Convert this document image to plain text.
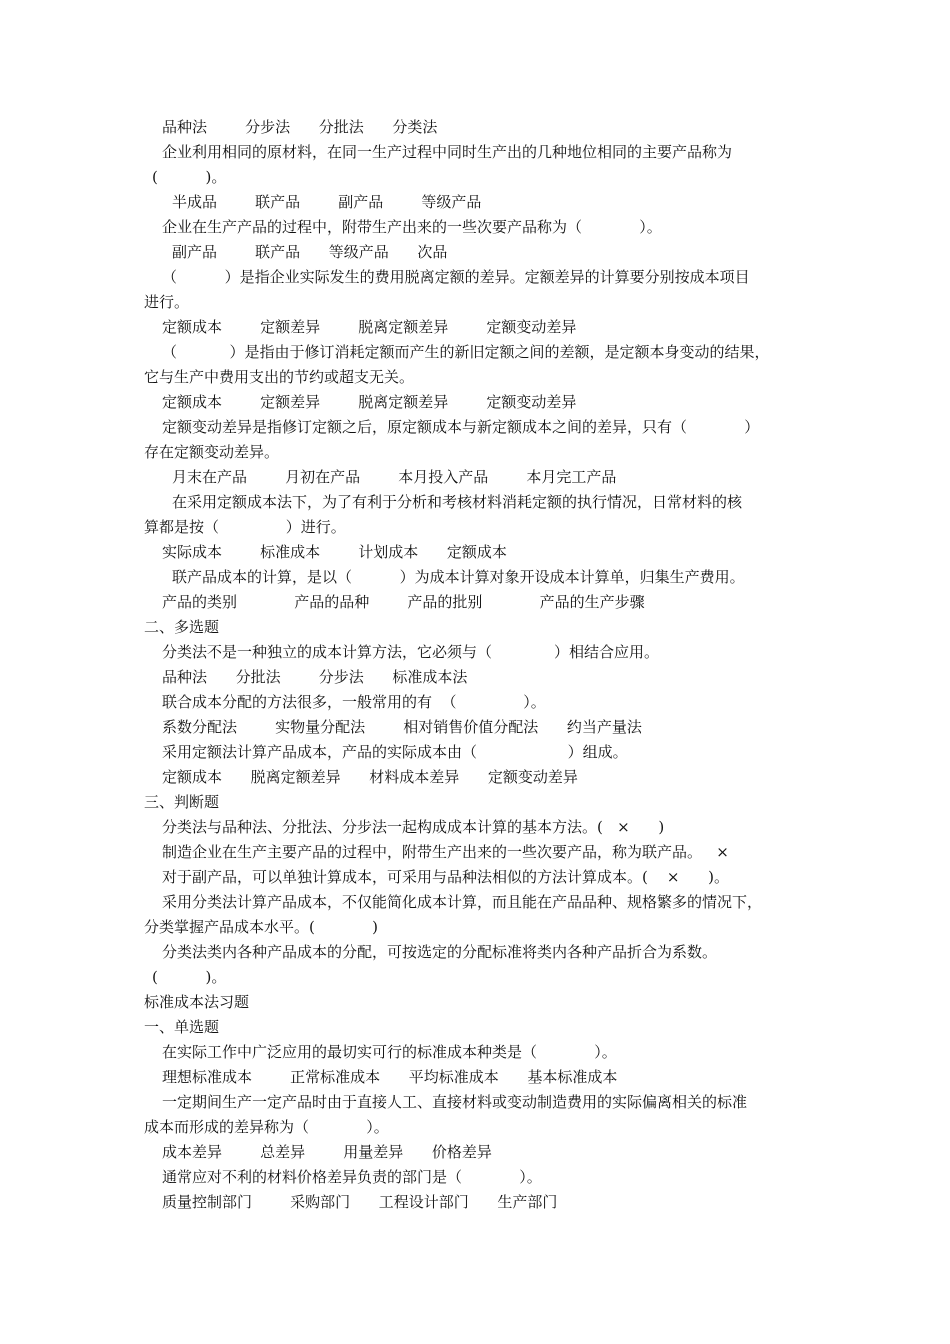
品种法        分步法      分批法      分类法
企业利用相同的原材料，在同一生产过程中同时生产出的几种地位相同的主要产品称为
(          )。
半成品        联产品        副产品        等级产品
企业在生产产品的过程中，附带生产出来的一些次要产品称为（            ）。
副产品        联产品      等级产品      次品
（          ）是指企业实际发生的费用脱离定额的差异。定额差异的计算要分别按成本项目
进行。
定额成本        定额差异        脱离定额差异        定额变动差异
（           ）是指由于修订消耗定额而产生的新旧定额之间的差额，是定额本身变动的结果，
它与生产中费用支出的节约或超支无关。
定额成本        定额差异        脱离定额差异        定额变动差异
定额变动差异是指修订定额之后，原定额成本与新定额成本之间的差异，只有（            ）
存在定额变动差异。
月末在产品        月初在产品        本月投入产品        本月完工产品
在采用定额成本法下，为了有利于分析和考核材料消耗定额的执行情况，日常材料的核
算都是按（              ）进行。
实际成本        标准成本        计划成本      定额成本
联产品成本的计算，是以（          ）为成本计算对象开设成本计算单，归集生产费用。
产品的类别            产品的品种        产品的批别            产品的生产步骤
二、多选题
分类法不是一种独立的成本计算方法，它必须与（             ）相结合应用。
品种法      分批法        分步法      标准成本法
联合成本分配的方法很多，一般常用的有  （              ）。
系数分配法        实物量分配法        相对销售价值分配法      约当产量法
采用定额法计算产品成本，产品的实际成本由（                   ）组成。
定额成本      脱离定额差异      材料成本差异      定额变动差异
三、判断题
分类法与品种法、分批法、分步法一起构成成本计算的基本方法。(   ×      )
制造企业在生产主要产品的过程中，附带生产出来的一些次要产品，称为联产品。   ×
对于副产品，可以单独计算成本，可采用与品种法相似的方法计算成本。(    ×      )。
采用分类法计算产品成本，不仅能简化成本计算，而且能在产品品种、规格繁多的情况下，
分类掌握产品成本水平。(            )
分类法类内各种产品成本的分配，可按选定的分配标准将类内各种产品折合为系数。
(          )。
标准成本法习题
一、单选题
在实际工作中广泛应用的最切实可行的标准成本种类是（            ）。
理想标准成本        正常标准成本      平均标准成本      基本标准成本
一定期间生产一定产品时由于直接人工、直接材料或变动制造费用的实际偏离相关的标准
成本而形成的差异称为（            ）。
成本差异        总差异        用量差异      价格差异
通常应对不利的材料价格差异负责的部门是（            ）。
质量控制部门        采购部门      工程设计部门      生产部门
